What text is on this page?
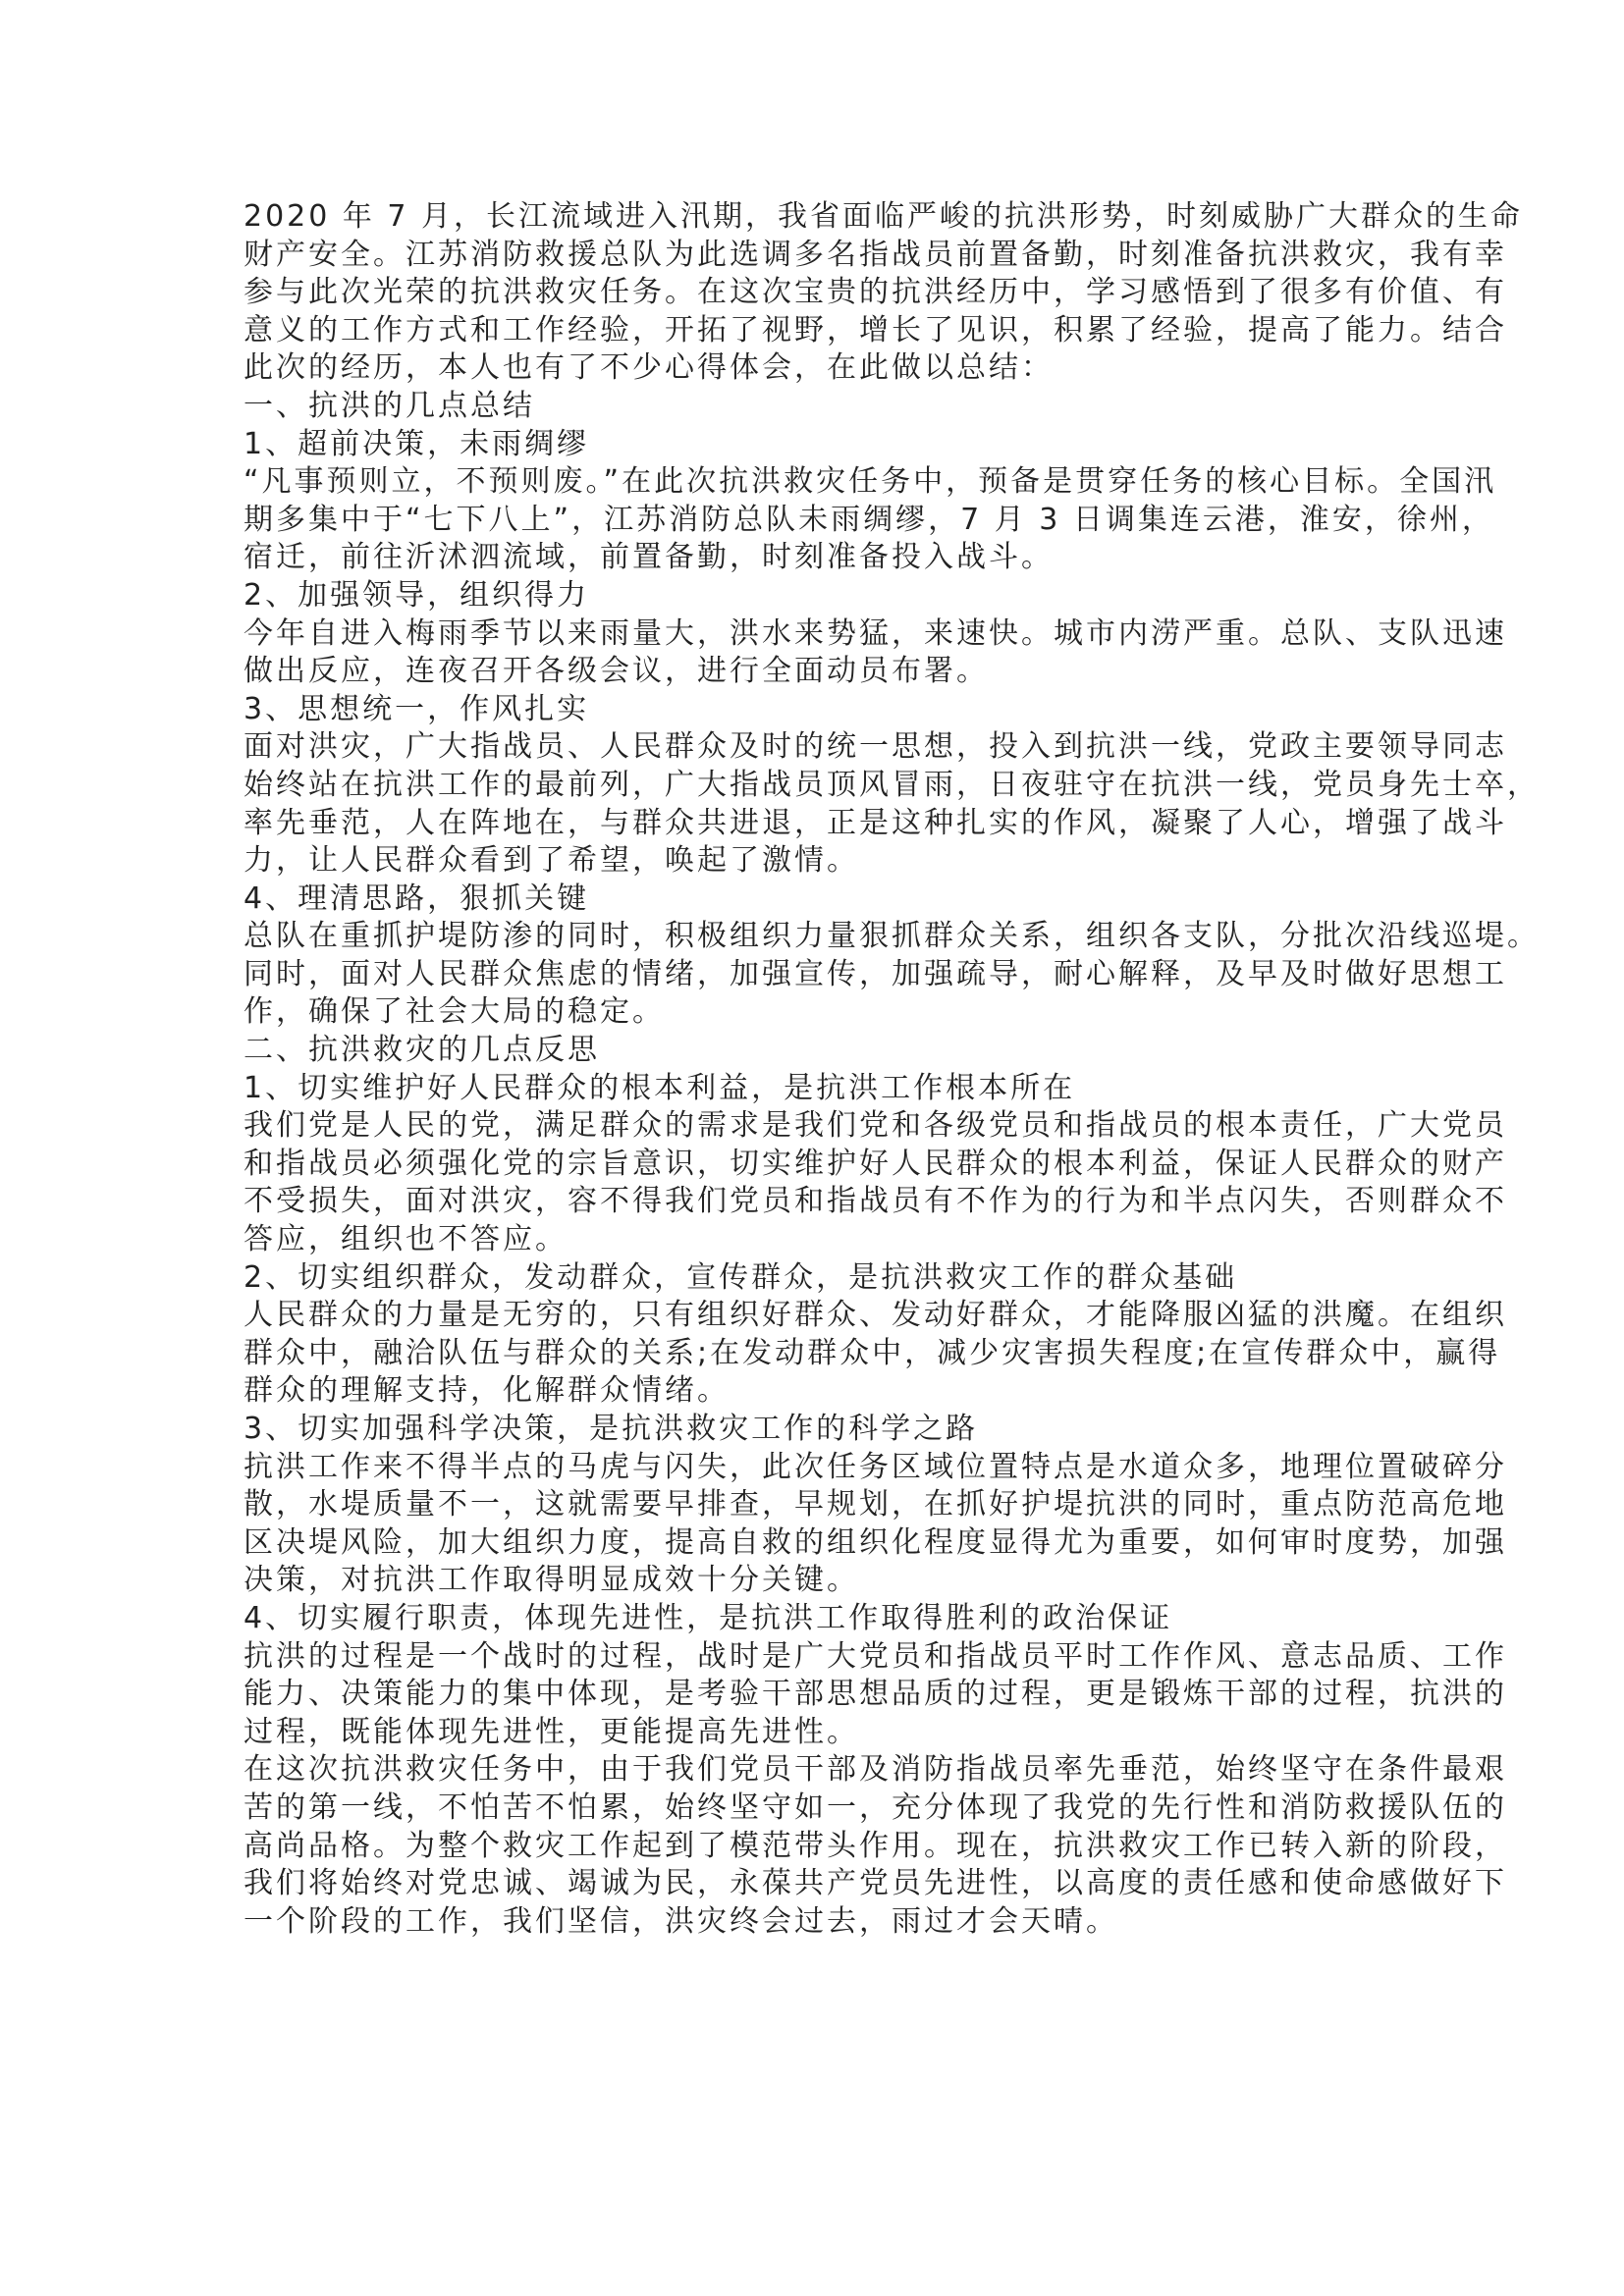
2020 年 7 月，长江流域进入汛期，我省面临严峻的抗洪形势，时刻威胁广大群众的生命
财产安全。江苏消防救援总队为此选调多名指战员前置备勤，时刻准备抗洪救灾，我有幸
参与此次光荣的抗洪救灾任务。在这次宝贵的抗洪经历中，学习感悟到了很多有价值、有
意义的工作方式和工作经验，开拓了视野，增长了见识，积累了经验，提高了能力。结合
此次的经历，本人也有了不少心得体会，在此做以总结：
一、抗洪的几点总结
1、超前决策，未雨绸缪
“凡事预则立，不预则废。”在此次抗洪救灾任务中，预备是贯穿任务的核心目标。全国汛
期多集中于“七下八上”，江苏消防总队未雨绸缪，7 月 3 日调集连云港，淮安，徐州，
宿迁，前往沂沭泗流域，前置备勤，时刻准备投入战斗。
2、加强领导，组织得力
今年自进入梅雨季节以来雨量大，洪水来势猛，来速快。城市内涝严重。总队、支队迅速
做出反应，连夜召开各级会议，进行全面动员布署。
3、思想统一，作风扎实
面对洪灾，广大指战员、人民群众及时的统一思想，投入到抗洪一线，党政主要领导同志
始终站在抗洪工作的最前列，广大指战员顶风冒雨，日夜驻守在抗洪一线，党员身先士卒，
率先垂范，人在阵地在，与群众共进退，正是这种扎实的作风，凝聚了人心，增强了战斗
力，让人民群众看到了希望，唤起了激情。
4、理清思路，狠抓关键
总队在重抓护堤防渗的同时，积极组织力量狠抓群众关系，组织各支队，分批次沿线巡堤。
同时，面对人民群众焦虑的情绪，加强宣传，加强疏导，耐心解释，及早及时做好思想工
作，确保了社会大局的稳定。
二、抗洪救灾的几点反思
1、切实维护好人民群众的根本利益，是抗洪工作根本所在
我们党是人民的党，满足群众的需求是我们党和各级党员和指战员的根本责任，广大党员
和指战员必须强化党的宗旨意识，切实维护好人民群众的根本利益，保证人民群众的财产
不受损失，面对洪灾，容不得我们党员和指战员有不作为的行为和半点闪失，否则群众不
答应，组织也不答应。
2、切实组织群众，发动群众，宣传群众，是抗洪救灾工作的群众基础
人民群众的力量是无穷的，只有组织好群众、发动好群众，才能降服凶猛的洪魔。在组织
群众中，融洽队伍与群众的关系;在发动群众中，减少灾害损失程度;在宣传群众中，赢得
群众的理解支持，化解群众情绪。
3、切实加强科学决策，是抗洪救灾工作的科学之路
抗洪工作来不得半点的马虎与闪失，此次任务区域位置特点是水道众多，地理位置破碎分
散，水堤质量不一，这就需要早排查，早规划，在抓好护堤抗洪的同时，重点防范高危地
区决堤风险，加大组织力度，提高自救的组织化程度显得尤为重要，如何审时度势，加强
决策，对抗洪工作取得明显成效十分关键。
4、切实履行职责，体现先进性，是抗洪工作取得胜利的政治保证
抗洪的过程是一个战时的过程，战时是广大党员和指战员平时工作作风、意志品质、工作
能力、决策能力的集中体现，是考验干部思想品质的过程，更是锻炼干部的过程，抗洪的
过程，既能体现先进性，更能提高先进性。
在这次抗洪救灾任务中，由于我们党员干部及消防指战员率先垂范，始终坚守在条件最艰
苦的第一线，不怕苦不怕累，始终坚守如一，充分体现了我党的先行性和消防救援队伍的
高尚品格。为整个救灾工作起到了模范带头作用。现在，抗洪救灾工作已转入新的阶段，
我们将始终对党忠诚、竭诚为民，永葆共产党员先进性，以高度的责任感和使命感做好下
一个阶段的工作，我们坚信，洪灾终会过去，雨过才会天晴。
